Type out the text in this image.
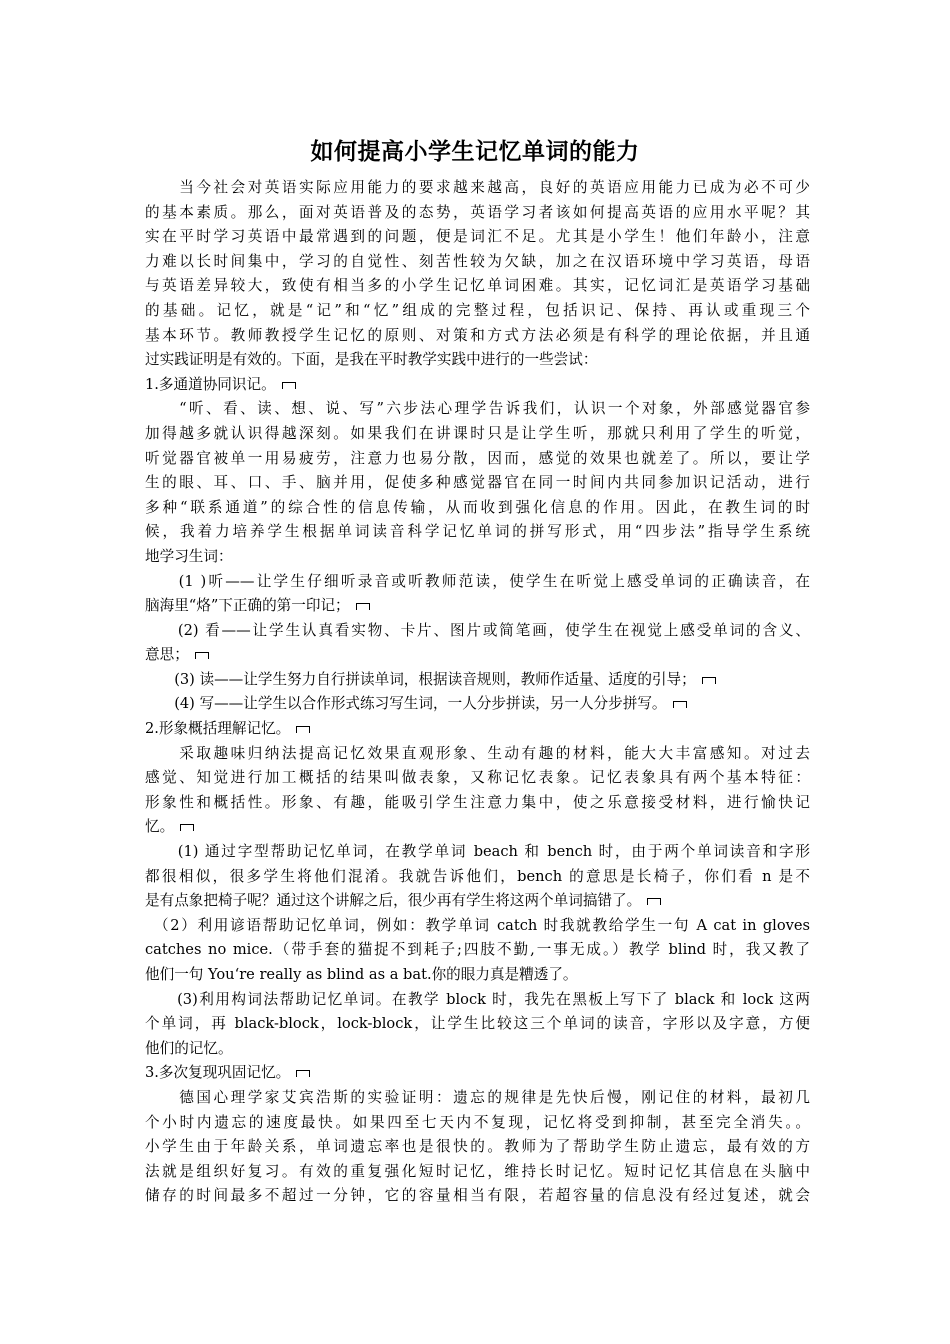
如何提高小学生记忆单词的能力
　　当今社会对英语实际应用能力的要求越来越高，良好的英语应用能力已成为必不可少
的基本素质。那么，面对英语普及的态势，英语学习者该如何提高英语的应用水平呢？其
实在平时学习英语中最常遇到的问题，便是词汇不足。尤其是小学生！他们年龄小，注意
力难以长时间集中，学习的自觉性、刻苦性较为欠缺，加之在汉语环境中学习英语，母语
与英语差异较大，致使有相当多的小学生记忆单词困难。其实，记忆词汇是英语学习基础
的基础。记忆，就是“记”和“忆”组成的完整过程，包括识记、保持、再认或重现三个
基本环节。教师教授学生记忆的原则、对策和方式方法必须是有科学的理论依据，并且通
过实践证明是有效的。下面，是我在平时教学实践中进行的一些尝试：
1.多通道协同识记。
　　“听、看、读、想、说、写”六步法心理学告诉我们，认识一个对象，外部感觉器官参
加得越多就认识得越深刻。如果我们在讲课时只是让学生听，那就只利用了学生的听觉，
听觉器官被单一用易疲劳，注意力也易分散，因而，感觉的效果也就差了。所以，要让学
生的眼、耳、口、手、脑并用，促使多种感觉器官在同一时间内共同参加识记活动，进行
多种“联系通道”的综合性的信息传输，从而收到强化信息的作用。因此，在教生词的时
候，我着力培养学生根据单词读音科学记忆单词的拼写形式，用“四步法”指导学生系统
地学习生词：
　　(1 )听——让学生仔细听录音或听教师范读，使学生在听觉上感受单词的正确读音，在
脑海里“烙”下正确的第一印记；
　　(2) 看——让学生认真看实物、卡片、图片或简笔画，使学生在视觉上感受单词的含义、
意思；
　　(3) 读——让学生努力自行拼读单词，根据读音规则，教师作适量、适度的引导；
　　(4) 写——让学生以合作形式练习写生词，一人分步拼读，另一人分步拼写。
2.形象概括理解记忆。
　　采取趣味归纳法提高记忆效果直观形象、生动有趣的材料，能大大丰富感知。对过去
感觉、知觉进行加工概括的结果叫做表象，又称记忆表象。记忆表象具有两个基本特征：
形象性和概括性。形象、有趣，能吸引学生注意力集中，使之乐意接受材料，进行愉快记
忆。
　　(1) 通过字型帮助记忆单词，在教学单词 beach 和 bench 时，由于两个单词读音和字形
都很相似，很多学生将他们混淆。我就告诉他们，bench 的意思是长椅子，你们看 n 是不
是有点象把椅子呢？通过这个讲解之后，很少再有学生将这两个单词搞错了。
　（2）利用谚语帮助记忆单词，例如：教学单词 catch 时我就教给学生一句 A cat in gloves
catches no mice.（带手套的猫捉不到耗子;四肢不勤,一事无成。）教学 blind 时，我又教了
他们一句 You‘re really as blind as a bat.你的眼力真是糟透了。
　　(3)利用构词法帮助记忆单词。在教学 block 时，我先在黑板上写下了 black 和 lock 这两
个单词，再 black-block，lock-block，让学生比较这三个单词的读音，字形以及字意，方便
他们的记忆。
3.多次复现巩固记忆。
　　德国心理学家艾宾浩斯的实验证明：遗忘的规律是先快后慢，刚记住的材料，最初几
个小时内遗忘的速度最快。如果四至七天内不复现，记忆将受到抑制，甚至完全消失。。
小学生由于年龄关系，单词遗忘率也是很快的。教师为了帮助学生防止遗忘，最有效的方
法就是组织好复习。有效的重复强化短时记忆，维持长时记忆。短时记忆其信息在头脑中
储存的时间最多不超过一分钟，它的容量相当有限，若超容量的信息没有经过复述，就会
